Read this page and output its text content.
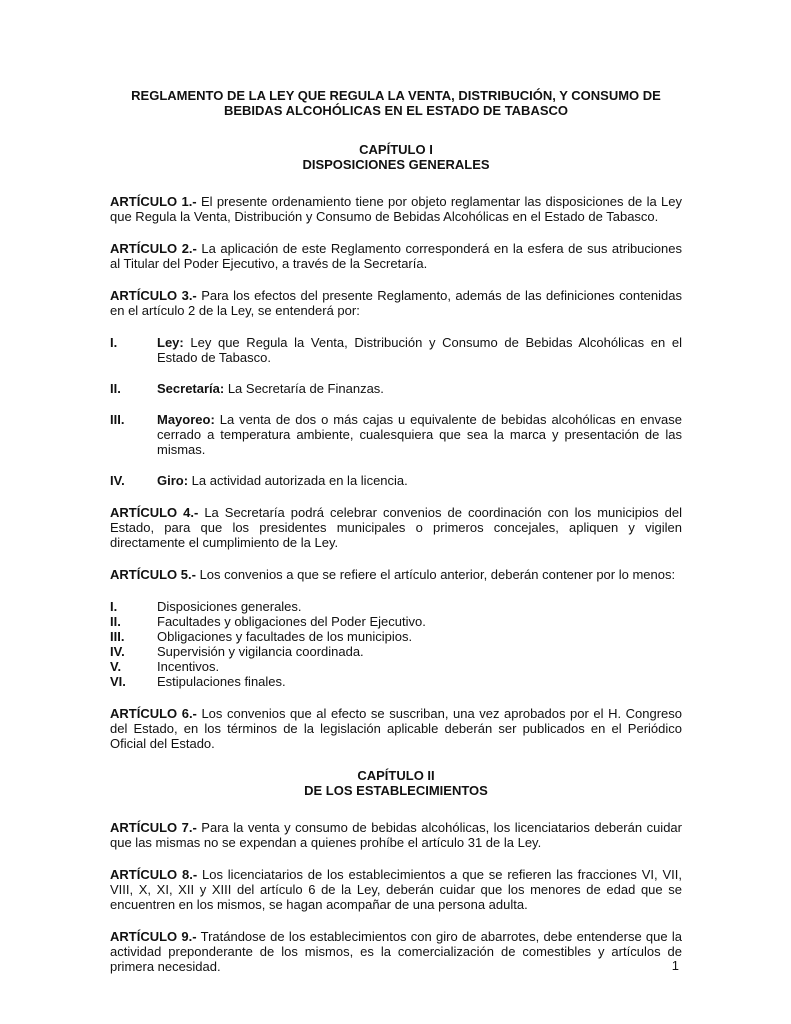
REGLAMENTO DE LA LEY QUE REGULA LA VENTA, DISTRIBUCIÓN, Y CONSUMO DE

BEBIDAS ALCOHÓLICAS EN EL ESTADO DE TABASCO

CAPÍTULO I

DISPOSICIONES GENERALES

ARTÍCULO 1.- El presente ordenamiento tiene por objeto reglamentar las disposiciones de la Ley que Regula la Venta, Distribución y Consumo de Bebidas Alcohólicas en el Estado de Tabasco.

ARTÍCULO 2.- La aplicación de este Reglamento corresponderá en la esfera de sus atribuciones al Titular del Poder Ejecutivo, a través de la Secretaría.

ARTÍCULO 3.- Para los efectos del presente Reglamento, además de las definiciones contenidas en el artículo 2 de la Ley, se entenderá por:

I.	Ley: Ley que Regula la Venta, Distribución y Consumo de Bebidas Alcohólicas en el Estado de Tabasco.
II.	Secretaría: La Secretaría de Finanzas.
III.	Mayoreo: La venta de dos o más cajas u equivalente de bebidas alcohólicas en envase cerrado a temperatura ambiente, cualesquiera que sea la marca y presentación de las mismas.
IV.	Giro: La actividad autorizada en la licencia.

ARTÍCULO 4.- La Secretaría podrá celebrar convenios de coordinación con los municipios del Estado, para que los presidentes municipales o primeros concejales, apliquen y vigilen directamente el cumplimiento de la Ley.

ARTÍCULO 5.- Los convenios a que se refiere el artículo anterior, deberán contener por lo menos:

I.	Disposiciones generales.
II.	Facultades y obligaciones del Poder Ejecutivo.
III.	Obligaciones y facultades de los municipios.
IV.	Supervisión y vigilancia coordinada.
V.	Incentivos.
VI.	Estipulaciones finales.

ARTÍCULO 6.- Los convenios que al efecto se suscriban, una vez aprobados por el H. Congreso del Estado, en los términos de la legislación aplicable deberán ser publicados en el Periódico Oficial del Estado.

CAPÍTULO II

DE LOS ESTABLECIMIENTOS

ARTÍCULO 7.- Para la venta y consumo de bebidas alcohólicas, los licenciatarios deberán cuidar que las mismas no se expendan a quienes prohíbe el artículo 31 de la Ley.

ARTÍCULO 8.- Los licenciatarios de los establecimientos a que se refieren las fracciones VI, VII, VIII, X, XI, XII y XIII del artículo 6 de la Ley, deberán cuidar que los menores de edad que se encuentren en los mismos, se hagan acompañar de una persona adulta.

ARTÍCULO 9.- Tratándose de los establecimientos con giro de abarrotes, debe entenderse que la actividad preponderante de los mismos, es la comercialización de comestibles y artículos de primera necesidad.	1
